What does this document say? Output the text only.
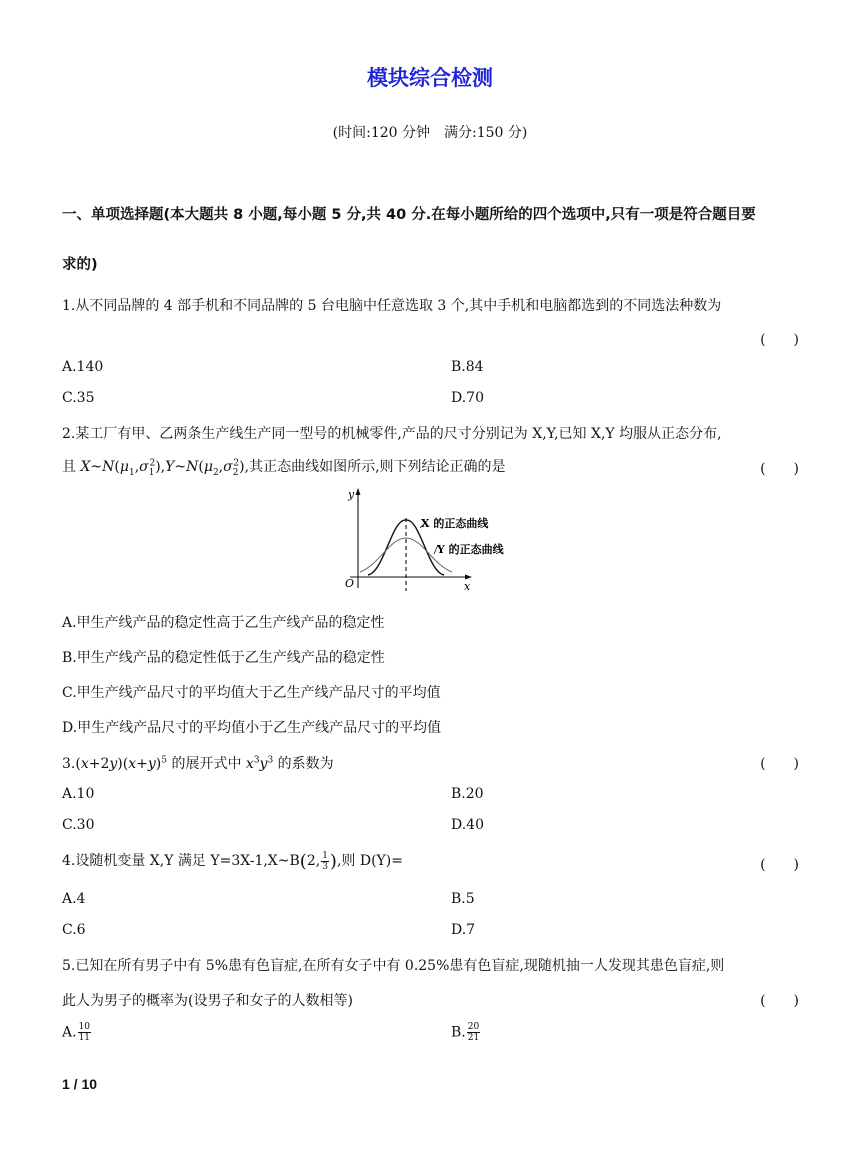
模块综合检测
(时间:120 分钟　满分:150 分)
一、单项选择题(本大题共 8 小题,每小题 5 分,共 40 分.在每小题所给的四个选项中,只有一项是符合题目要
求的)
1.从不同品牌的 4 部手机和不同品牌的 5 台电脑中任意选取 3 个,其中手机和电脑都选到的不同选法种数为
(　　)
A.140	B.84
C.35	D.70
2.某工厂有甲、乙两条生产线生产同一型号的机械零件,产品的尺寸分别记为 X,Y,已知 X,Y 均服从正态分布,
且 $X\sim N(\mu_1,\sigma_1^2),Y\sim N(\mu_2,\sigma_2^2)$,其正态曲线如图所示,则下列结论正确的是	(　　)
y
x
O
X 的正态曲线
Y 的正态曲线
A.甲生产线产品的稳定性高于乙生产线产品的稳定性
B.甲生产线产品的稳定性低于乙生产线产品的稳定性
C.甲生产线产品尺寸的平均值大于乙生产线产品尺寸的平均值
D.甲生产线产品尺寸的平均值小于乙生产线产品尺寸的平均值
$3.(x+2y)(x+y)^5$ 的展开式中 $x^3y^3$ 的系数为	(　　)
A.10	B.20
C.30	D.40
4.设随机变量 X,Y 满足 Y=3X-1,X~B(2, $\frac{1}{3}$ ),则 D(Y)=	(　　)
A.4	B.5
C.6	D.7
5.已知在所有男子中有 5%患有色盲症,在所有女子中有 0.25%患有色盲症,现随机抽一人发现其患色盲症,则
此人为男子的概率为(设男子和女子的人数相等)	(　　)
A. $\frac{10}{11}$	B. $\frac{20}{21}$
1 / 10
